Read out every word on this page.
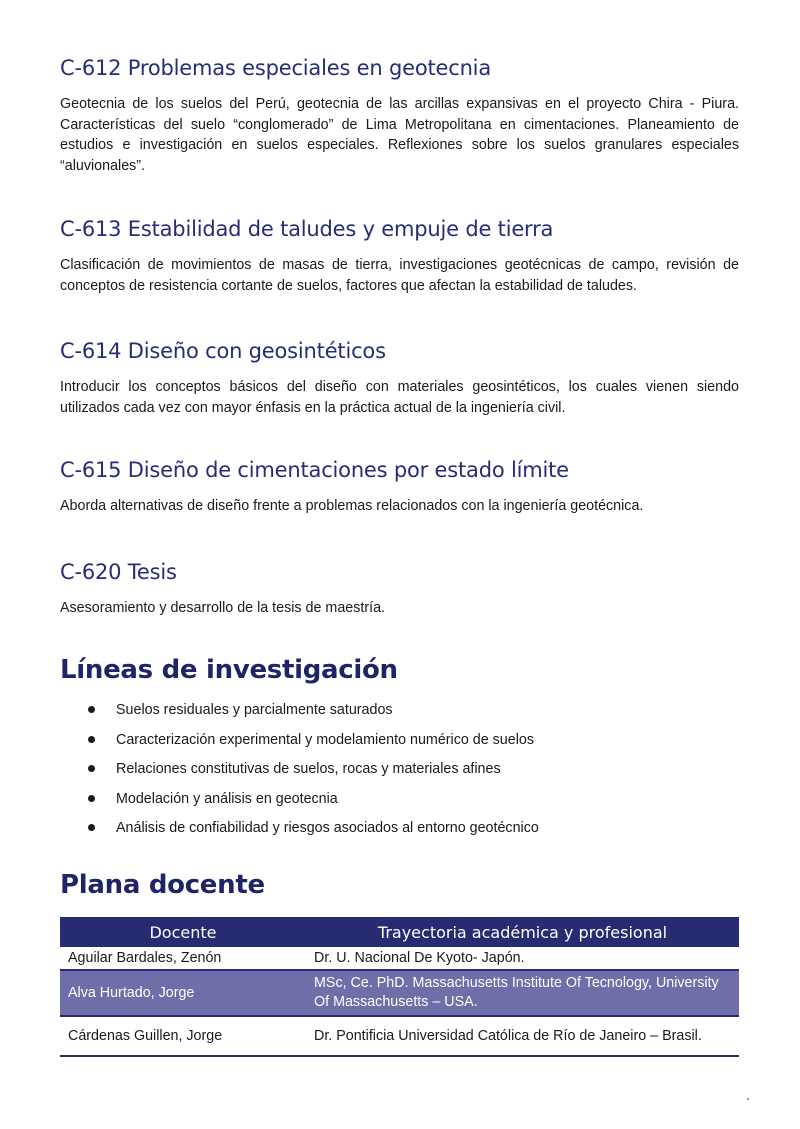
C-612 Problemas especiales en geotecnia

Geotecnia de los suelos del Perú, geotecnia de las arcillas expansivas en el proyecto Chira - Piura. Características del suelo “conglomerado” de Lima Metropolitana en cimentaciones. Planeamiento de estudios e investigación en suelos especiales. Reflexiones sobre los suelos granulares especiales “aluvionales”.

C-613 Estabilidad de taludes y empuje de tierra

Clasificación de movimientos de masas de tierra, investigaciones geotécnicas de campo, revisión de conceptos de resistencia cortante de suelos, factores que afectan la estabilidad de taludes.

C-614 Diseño con geosintéticos

Introducir los conceptos básicos del diseño con materiales geosintéticos, los cuales vienen siendo utilizados cada vez con mayor énfasis en la práctica actual de la ingeniería civil.

C-615 Diseño de cimentaciones por estado límite

Aborda alternativas de diseño frente a problemas relacionados con la ingeniería geotécnica.

C-620 Tesis

Asesoramiento y desarrollo de la tesis de maestría.

Líneas de investigación
Suelos residuales y parcialmente saturados
Caracterización experimental y modelamiento numérico de suelos
Relaciones constitutivas de suelos, rocas y materiales afines
Modelación y análisis en geotecnia
Análisis de confiabilidad y riesgos asociados al entorno geotécnico
Plana docente
Docente	Trayectoria académica y profesional
Aguilar Bardales, Zenón	Dr. U. Nacional De Kyoto- Japón.
Alva Hurtado, Jorge	MSc, Ce. PhD. Massachusetts Institute Of Tecnology, University Of Massachusetts – USA.
Cárdenas Guillen, Jorge	Dr. Pontificia Universidad Católica de Río de Janeiro – Brasil.
